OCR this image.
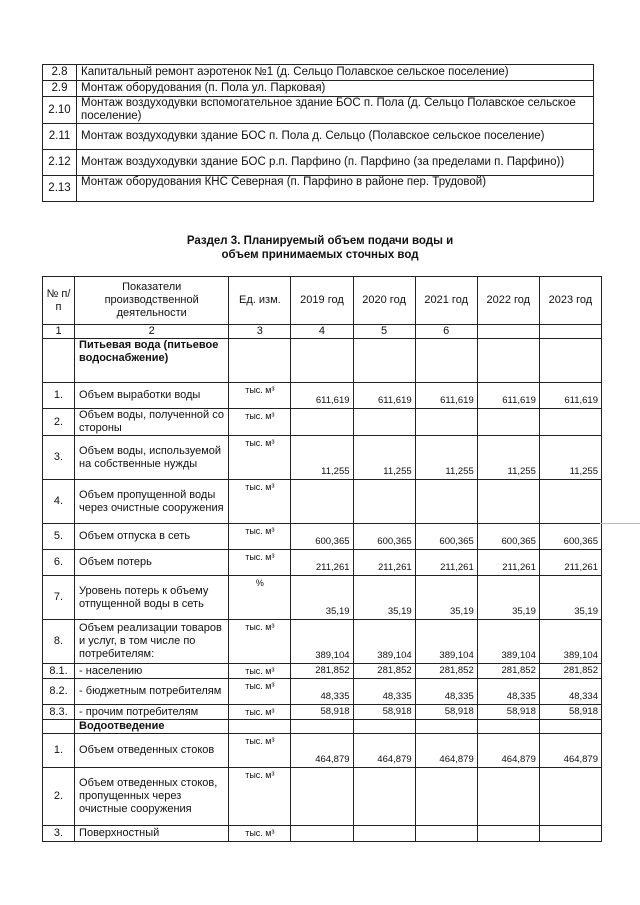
2.8	Капитальный ремонт аэротенок №1 (д. Сельцо Полавское сельское поселение)
2.9	Монтаж оборудования (п. Пола ул. Парковая)
2.10	Монтаж воздуходувки вспомогательное здание БОС п. Пола (д. Сельцо Полавское сельское поселение)
2.11	Монтаж воздуходувки здание БОС п. Пола д. Сельцо (Полавское сельское поселение)
2.12	Монтаж воздуходувки здание БОС р.п. Парфино (п. Парфино (за пределами п. Парфино))
2.13	Монтаж оборудования КНС Северная (п. Парфино в районе пер. Трудовой)
Раздел 3. Планируемый объем подачи воды и
объем принимаемых сточных вод
№ п/п	Показатели производственной деятельности	Ед. изм.	2019 год	2020 год	2021 год	2022 год	2023 год
1	2	3	4	5	6		
	Питьевая вода (питьевое водоснабжение)						
1.	Объем выработки воды	тыс. м³	611,619	611,619	611,619	611,619	611,619
2.	Объем воды, полученной со стороны	тыс. м³					
3.	Объем воды, используемой на собственные нужды	тыс. м³	11,255	11,255	11,255	11,255	11,255
4.	Объем пропущенной воды через очистные сооружения	тыс. м³					
5.	Объем отпуска в сеть	тыс. м³	600,365	600,365	600,365	600,365	600,365
6.	Объем потерь	тыс. м³	211,261	211,261	211,261	211,261	211,261
7.	Уровень потерь к объему отпущенной воды в сеть	%	35,19	35,19	35,19	35,19	35,19
8.	Объем реализации товаров и услуг, в том числе по потребителям:	тыс. м³	389,104	389,104	389,104	389,104	389,104
8.1.	- населению	тыс. м³	281,852	281,852	281,852	281,852	281,852
8.2.	- бюджетным потребителям	тыс. м³	48,335	48,335	48,335	48,335	48,334
8.3.	- прочим потребителям	тыс. м³	58,918	58,918	58,918	58,918	58,918
	Водоотведение						
1.	Объем отведенных стоков	тыс. м³	464,879	464,879	464,879	464,879	464,879
2.	Объем отведенных стоков, пропущенных через очистные сооружения	тыс. м³					
3.	Поверхностный	тыс. м³					
